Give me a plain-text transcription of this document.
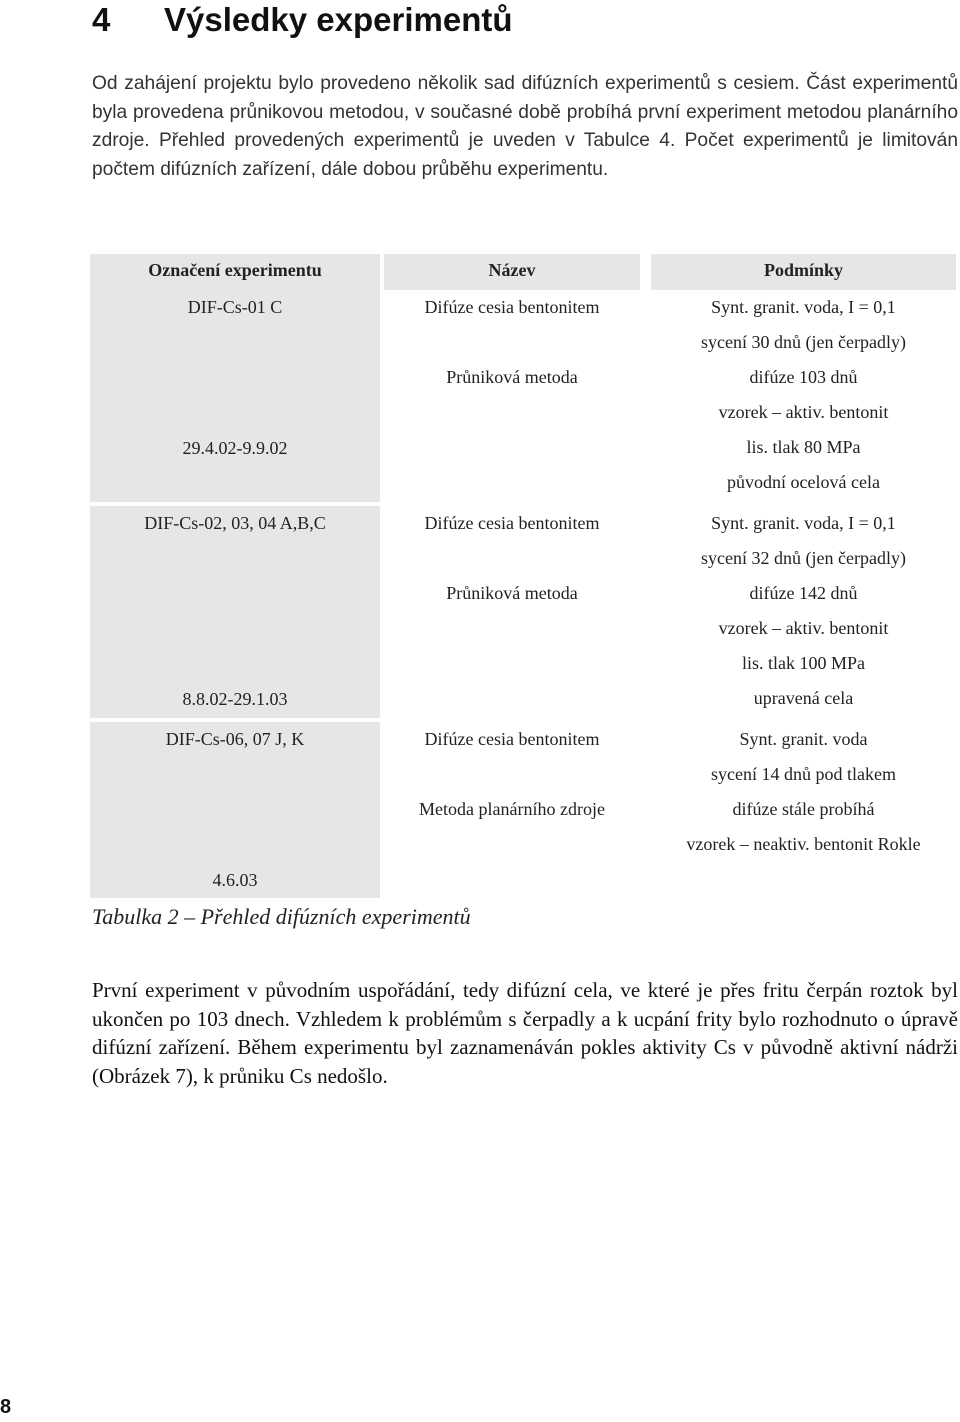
4 Výsledky experimentů

Od zahájení projektu bylo provedeno několik sad difúzních experimentů s cesiem. Část experimentů byla provedena průnikovou metodou, v současné době probíhá první experiment metodou planárního zdroje. Přehled provedených experimentů je uveden v Tabulce 4. Počet experimentů je limitován počtem difúzních zařízení, dále dobou průběhu experimentu.

Označení experimentu	Název	Podmínky
DIF-Cs-01 C
29.4.02-9.9.02
Difúze cesia bentonitem
Průniková metoda
Synt. granit. voda, I = 0,1
sycení 30 dnů (jen čerpadly)
difúze 103 dnů
vzorek – aktiv. bentonit
lis. tlak 80 MPa
původní ocelová cela
DIF-Cs-02, 03, 04 A,B,C
8.8.02-29.1.03
Difúze cesia bentonitem
Průniková metoda
Synt. granit. voda, I = 0,1
sycení 32 dnů (jen čerpadly)
difúze 142 dnů
vzorek – aktiv. bentonit
lis. tlak 100 MPa
upravená cela
DIF-Cs-06, 07 J, K
4.6.03
Difúze cesia bentonitem
Metoda planárního zdroje
Synt. granit. voda
sycení 14 dnů pod tlakem
difúze stále probíhá
vzorek – neaktiv. bentonit Rokle

Tabulka 2 – Přehled difúzních experimentů

První experiment v původním uspořádání, tedy difúzní cela, ve které je přes fritu čerpán roztok byl ukončen po 103 dnech. Vzhledem k problémům s čerpadly a k ucpání frity bylo rozhodnuto o úpravě difúzní zařízení. Během experimentu byl zaznamenáván pokles aktivity Cs v původně aktivní nádrži (Obrázek 7), k průniku Cs nedošlo.

8
